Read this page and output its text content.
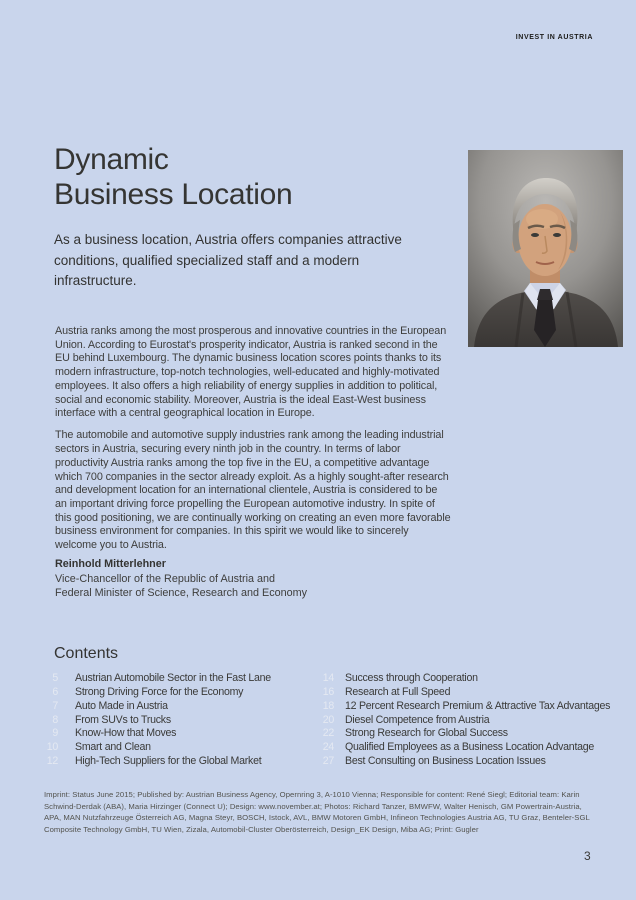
INVEST IN AUSTRIA
Dynamic
Business Location

As a business location, Austria offers companies attractive conditions, qualified specialized staff and a modern infrastructure.

Austria ranks among the most prosperous and innovative countries in the European Union. According to Eurostat's prosperity indicator, Austria is ranked second in the EU behind Luxembourg. The dynamic business location scores points thanks to its modern infrastructure, top-notch technologies, well-educated and highly-motivated employees. It also offers a high reliability of energy supplies in addition to political, social and economic stability. Moreover, Austria is the ideal East-West business interface with a central geographical location in Europe.

The automobile and automotive supply industries rank among the leading industrial sectors in Austria, securing every ninth job in the country. In terms of labor productivity Austria ranks among the top five in the EU, a competitive advantage which 700 companies in the sector already exploit. As a highly sought-after research and development location for an international clientele, Austria is considered to be an important driving force propelling the European automotive industry. In spite of this good positioning, we are continually working on creating an even more favorable business environment for companies. In this spirit we would like to sincerely welcome you to Austria.

Reinhold Mitterlehner
Vice-Chancellor of the Republic of Austria and
Federal Minister of Science, Research and Economy
Contents
5 Austrian Automobile Sector in the Fast Lane
6 Strong Driving Force for the Economy
7 Auto Made in Austria
8 From SUVs to Trucks
9 Know-How that Moves
10 Smart and Clean
12 High-Tech Suppliers for the Global Market
14 Success through Cooperation
16 Research at Full Speed
18 12 Percent Research Premium & Attractive Tax Advantages
20 Diesel Competence from Austria
22 Strong Research for Global Success
24 Qualified Employees as a Business Location Advantage
27 Best Consulting on Business Location Issues

Imprint: Status June 2015; Published by: Austrian Business Agency, Opernring 3, A-1010 Vienna; Responsible for content: René Siegl; Editorial team: Karin Schwind-Derdak (ABA), Maria Hirzinger (Connect U); Design: www.november.at; Photos: Richard Tanzer, BMWFW, Walter Henisch, GM Powertrain-Austria, APA, MAN Nutzfahrzeuge Österreich AG, Magna Steyr, BOSCH, Istock, AVL, BMW Motoren GmbH, Infineon Technologies Austria AG, TU Graz, Benteler-SGL Composite Technology GmbH, TU Wien, Zizala, Automobil-Cluster Oberösterreich, Design_EK Design, Miba AG; Print: Gugler

3
